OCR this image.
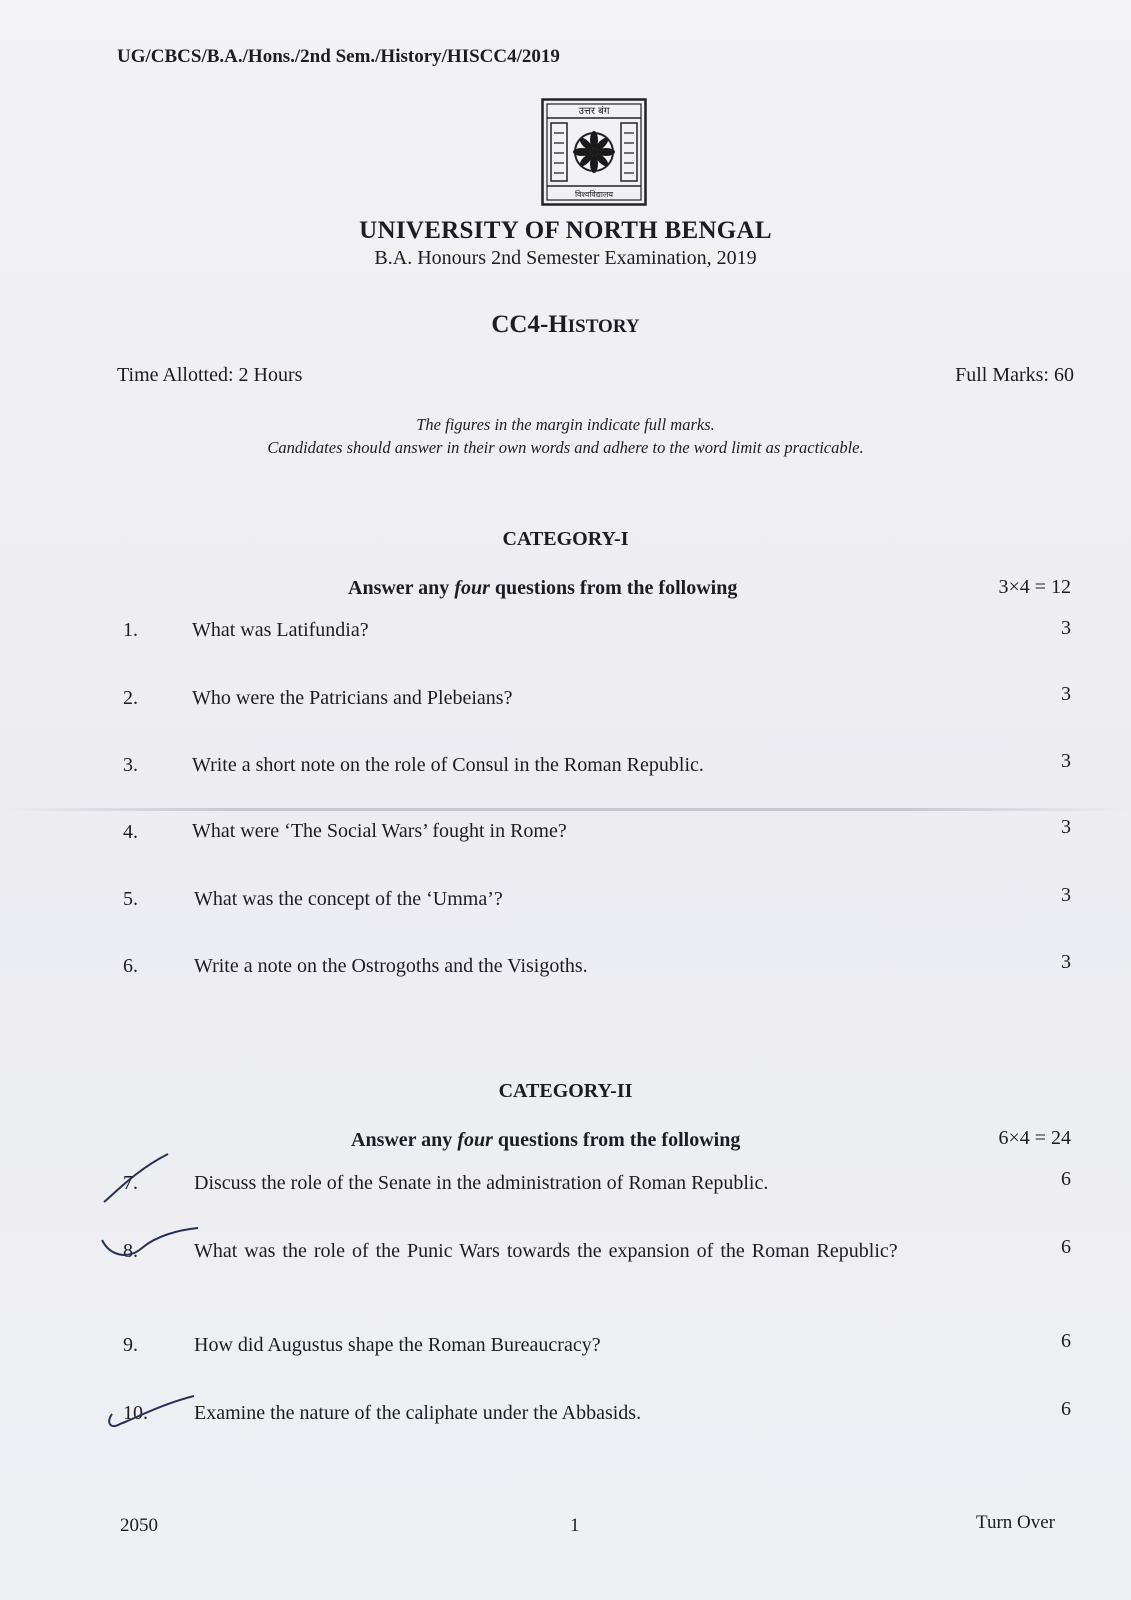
UG/CBCS/B.A./Hons./2nd Sem./History/HISCC4/2019
उत्तर बंग
विश्वविद्यालय
UNIVERSITY OF NORTH BENGAL
B.A. Honours 2nd Semester Examination, 2019
CC4-HISTORY
Time Allotted: 2 Hours	Full Marks: 60
The figures in the margin indicate full marks.
Candidates should answer in their own words and adhere to the word limit as practicable.
CATEGORY-I
Answer any four questions from the following	3×4 = 12
1.	What was Latifundia?	3
2.	Who were the Patricians and Plebeians?	3
3.	Write a short note on the role of Consul in the Roman Republic.	3
4.	What were ‘The Social Wars’ fought in Rome?	3
5.	What was the concept of the ‘Umma’?	3
6.	Write a note on the Ostrogoths and the Visigoths.	3
CATEGORY-II
Answer any four questions from the following	6×4 = 24
7.	Discuss the role of the Senate in the administration of Roman Republic.	6
8.	What was the role of the Punic Wars towards the expansion of the Roman Republic?	6
9.	How did Augustus shape the Roman Bureaucracy?	6
10. Examine the nature of the caliphate under the Abbasids.	6
2050	1	Turn Over
